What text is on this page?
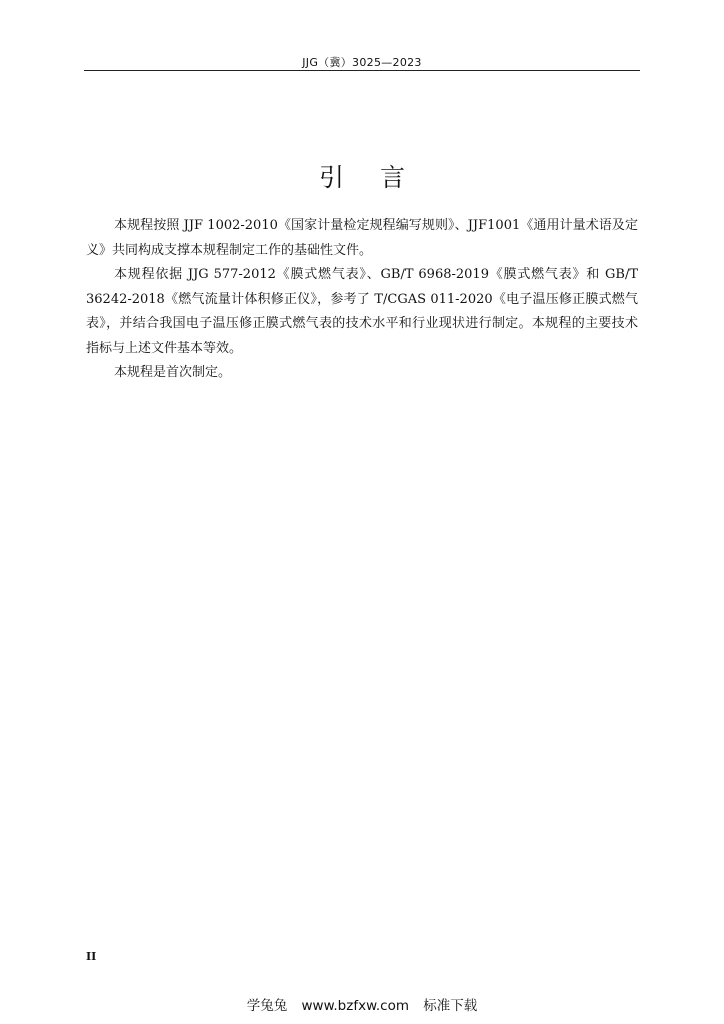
JJG（冀）3025—2023
引言

本规程按照 JJF 1002-2010《国家计量检定规程编写规则》、JJF1001《通用计量术语及定义》共同构成支撑本规程制定工作的基础性文件。

本规程依据 JJG 577-2012《膜式燃气表》、GB/T 6968-2019《膜式燃气表》和 GB/T 36242-2018《燃气流量计体积修正仪》，参考了 T/CGAS 011-2020《电子温压修正膜式燃气表》，并结合我国电子温压修正膜式燃气表的技术水平和行业现状进行制定。本规程的主要技术指标与上述文件基本等效。

本规程是首次制定。

II
学兔兔 www.bzfxw.com 标准下载
